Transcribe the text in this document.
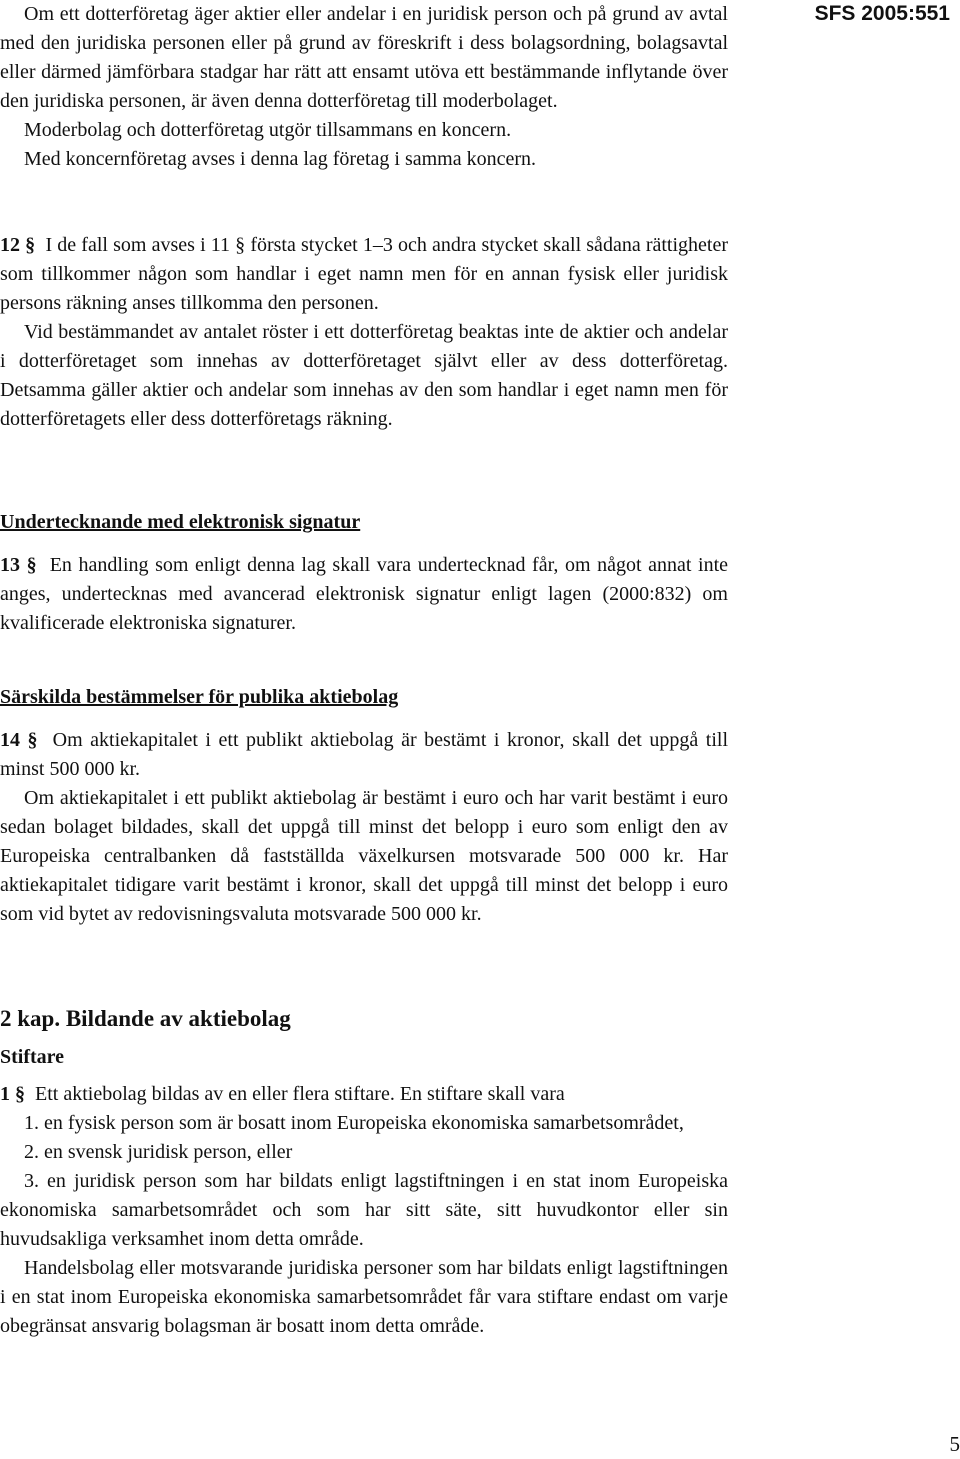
SFS 2005:551

Om ett dotterföretag äger aktier eller andelar i en juridisk person och på grund av avtal med den juridiska personen eller på grund av föreskrift i dess bolagsordning, bolagsavtal eller därmed jämförbara stadgar har rätt att ensamt utöva ett bestämmande inflytande över den juridiska personen, är även denna dotterföretag till moderbolaget.

Moderbolag och dotterföretag utgör tillsammans en koncern.

Med koncernföretag avses i denna lag företag i samma koncern.

12 § I de fall som avses i 11 § första stycket 1–3 och andra stycket skall sådana rättigheter som tillkommer någon som handlar i eget namn men för en annan fysisk eller juridisk persons räkning anses tillkomma den personen.

Vid bestämmandet av antalet röster i ett dotterföretag beaktas inte de aktier och andelar i dotterföretaget som innehas av dotterföretaget självt eller av dess dotterföretag. Detsamma gäller aktier och andelar som innehas av den som handlar i eget namn men för dotterföretagets eller dess dotterföretags räkning.

Undertecknande med elektronisk signatur

13 § En handling som enligt denna lag skall vara undertecknad får, om något annat inte anges, undertecknas med avancerad elektronisk signatur enligt lagen (2000:832) om kvalificerade elektroniska signaturer.

Särskilda bestämmelser för publika aktiebolag

14 § Om aktiekapitalet i ett publikt aktiebolag är bestämt i kronor, skall det uppgå till minst 500 000 kr.

Om aktiekapitalet i ett publikt aktiebolag är bestämt i euro och har varit bestämt i euro sedan bolaget bildades, skall det uppgå till minst det belopp i euro som enligt den av Europeiska centralbanken då fastställda växelkursen motsvarade 500 000 kr. Har aktiekapitalet tidigare varit bestämt i kronor, skall det uppgå till minst det belopp i euro som vid bytet av redovisningsvaluta motsvarade 500 000 kr.

2 kap. Bildande av aktiebolag
Stiftare

1 § Ett aktiebolag bildas av en eller flera stiftare. En stiftare skall vara

1. en fysisk person som är bosatt inom Europeiska ekonomiska samarbetsområdet,

2. en svensk juridisk person, eller

3. en juridisk person som har bildats enligt lagstiftningen i en stat inom Europeiska ekonomiska samarbetsområdet och som har sitt säte, sitt huvudkontor eller sin huvudsakliga verksamhet inom detta område.

Handelsbolag eller motsvarande juridiska personer som har bildats enligt lagstiftningen i en stat inom Europeiska ekonomiska samarbetsområdet får vara stiftare endast om varje obegränsat ansvarig bolagsman är bosatt inom detta område.

5
